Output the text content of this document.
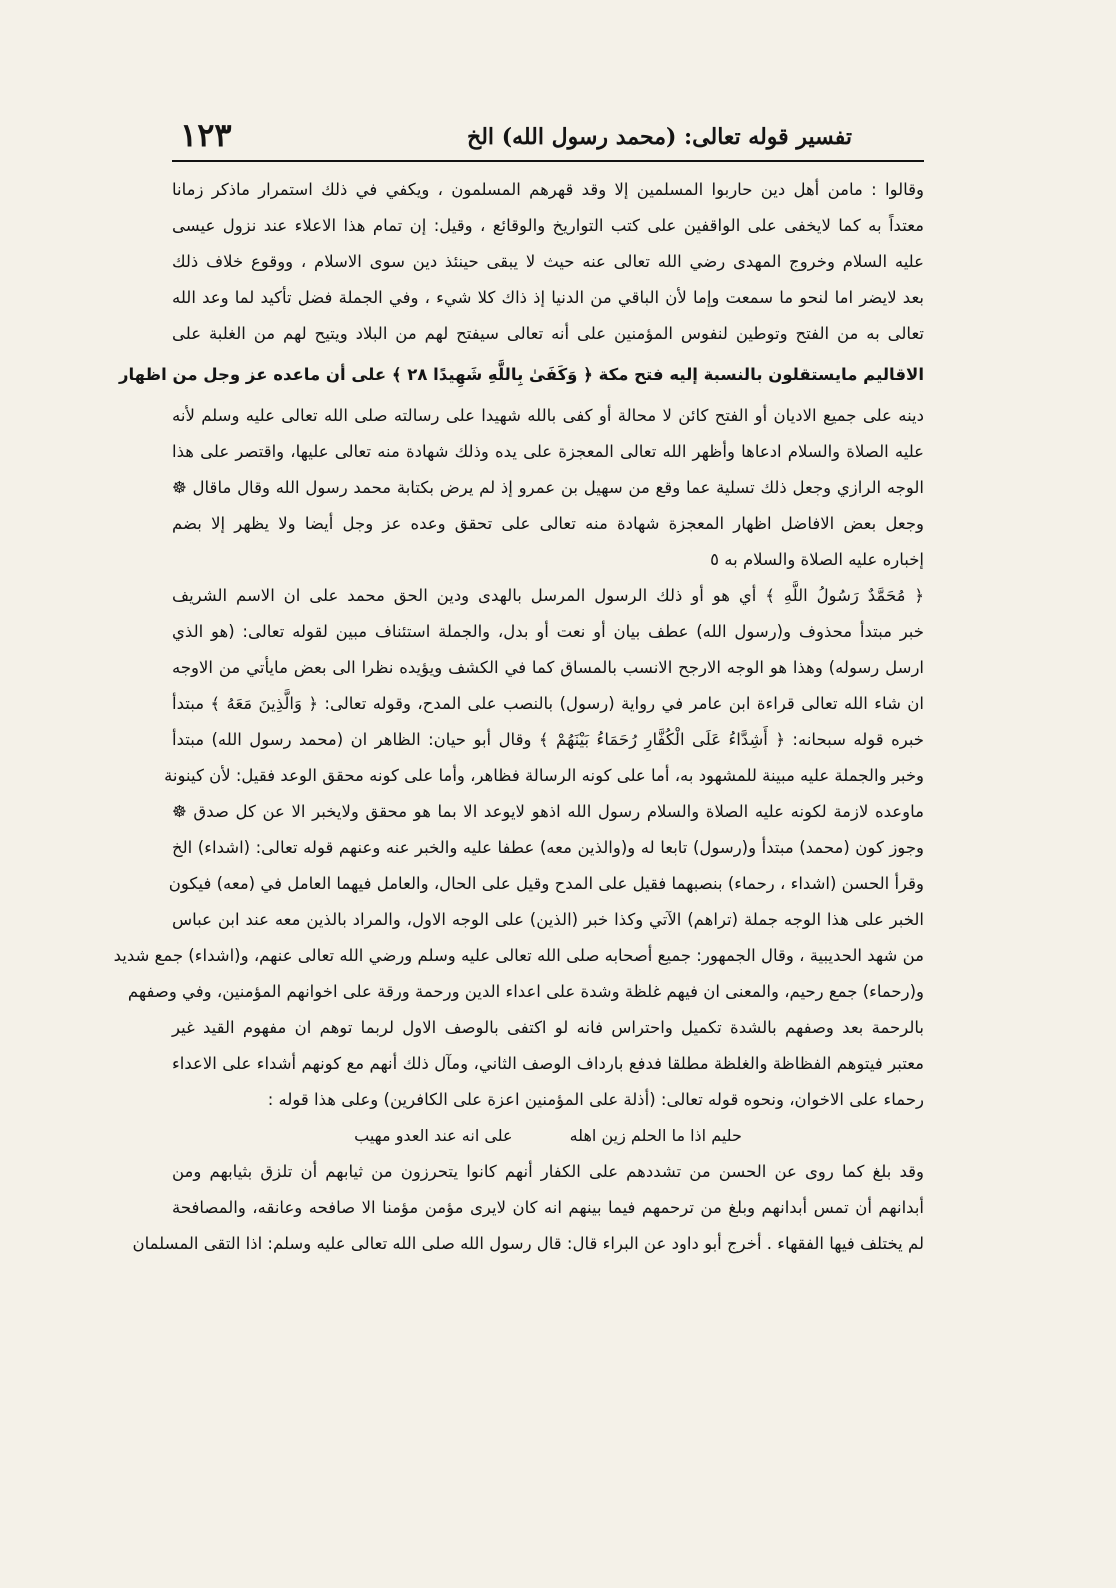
١٢٣	تفسير قوله تعالى: (محمد رسول الله) الخ
وقالوا : مامن أهل دين حاربوا المسلمين إلا وقد قهرهم المسلمون ، ويكفي في ذلك استمرار ماذكر زمانا
معتداً به كما لايخفى على الواقفين على كتب التواريخ والوقائع ، وقيل: إن تمام هذا الاعلاء عند نزول عيسى
عليه السلام وخروج المهدى رضي الله تعالى عنه حيث لا يبقى حينئذ دين سوى الاسلام ، ووقوع خلاف ذلك
بعد لايضر اما لنحو ما سمعت وإما لأن الباقي من الدنيا إذ ذاك كلا شيء ، وفي الجملة فضل تأكيد لما وعد الله
تعالى به من الفتح وتوطين لنفوس المؤمنين على أنه تعالى سيفتح لهم من البلاد ويتيح لهم من الغلبة على
الاقاليم مايستقلون بالنسبة إليه فتح مكة ﴿ وَكَفَىٰ بِاللَّهِ شَهِيدًا ٢٨ ﴾ على أن ماعده عز وجل من اظهار
دينه على جميع الاديان أو الفتح كائن لا محالة أو كفى بالله شهيدا على رسالته صلى الله تعالى عليه وسلم لأنه
عليه الصلاة والسلام ادعاها وأظهر الله تعالى المعجزة على يده وذلك شهادة منه تعالى عليها، واقتصر على هذا
الوجه الرازي وجعل ذلك تسلية عما وقع من سهيل بن عمرو إذ لم يرض بكتابة محمد رسول الله وقال ماقال ☸
وجعل بعض الافاضل اظهار المعجزة شهادة منه تعالى على تحقق وعده عز وجل أيضا ولا يظهر إلا بضم
إخباره عليه الصلاة والسلام به ٥
﴿ مُحَمَّدٌ رَسُولُ اللَّهِ ﴾ أي هو أو ذلك الرسول المرسل بالهدى ودين الحق محمد على ان الاسم الشريف
خبر مبتدأ محذوف و(رسول الله) عطف بيان أو نعت أو بدل، والجملة استئناف مبين لقوله تعالى: (هو الذي
ارسل رسوله) وهذا هو الوجه الارجح الانسب بالمساق كما في الكشف ويؤيده نظرا الى بعض مايأتي من الاوجه
ان شاء الله تعالى قراءة ابن عامر في رواية (رسول) بالنصب على المدح، وقوله تعالى: ﴿ وَالَّذِينَ مَعَهُ ﴾ مبتدأ
خبره قوله سبحانه: ﴿ أَشِدَّاءُ عَلَى الْكُفَّارِ رُحَمَاءُ بَيْنَهُمْ ﴾ وقال أبو حيان: الظاهر ان (محمد رسول الله) مبتدأ
وخبر والجملة عليه مبينة للمشهود به، أما على كونه الرسالة فظاهر، وأما على كونه محقق الوعد فقيل: لأن كينونة
ماوعده لازمة لكونه عليه الصلاة والسلام رسول الله اذهو لايوعد الا بما هو محقق ولايخبر الا عن كل صدق ☸
وجوز كون (محمد) مبتدأ و(رسول) تابعا له و(والذين معه) عطفا عليه والخبر عنه وعنهم قوله تعالى: (اشداء) الخ
وقرأ الحسن (اشداء ، رحماء) بنصبهما فقيل على المدح وقيل على الحال، والعامل فيهما العامل في (معه) فيكون
الخبر على هذا الوجه جملة (تراهم) الآتي وكذا خبر (الذين) على الوجه الاول، والمراد بالذين معه عند ابن عباس
من شهد الحديبية ، وقال الجمهور: جميع أصحابه صلى الله تعالى عليه وسلم ورضي الله تعالى عنهم، و(اشداء) جمع شديد
و(رحماء) جمع رحيم، والمعنى ان فيهم غلظة وشدة على اعداء الدين ورحمة ورقة على اخوانهم المؤمنين، وفي وصفهم
بالرحمة بعد وصفهم بالشدة تكميل واحتراس فانه لو اكتفى بالوصف الاول لربما توهم ان مفهوم القيد غير
معتبر فيتوهم الفظاظة والغلظة مطلقا فدفع بارداف الوصف الثاني، ومآل ذلك أنهم مع كونهم أشداء على الاعداء
رحماء على الاخوان، ونحوه قوله تعالى: (أذلة على المؤمنين اعزة على الكافرين) وعلى هذا قوله :
حليم اذا ما الحلم زين اهله ⠀⠀⠀⠀ على انه عند العدو مهيب
وقد بلغ كما روى عن الحسن من تشددهم على الكفار أنهم كانوا يتحرزون من ثيابهم أن تلزق بثيابهم ومن
أبدانهم أن تمس أبدانهم وبلغ من ترحمهم فيما بينهم انه كان لايرى مؤمن مؤمنا الا صافحه وعانقه، والمصافحة
لم يختلف فيها الفقهاء . أخرج أبو داود عن البراء قال: قال رسول الله صلى الله تعالى عليه وسلم: اذا التقى المسلمان
